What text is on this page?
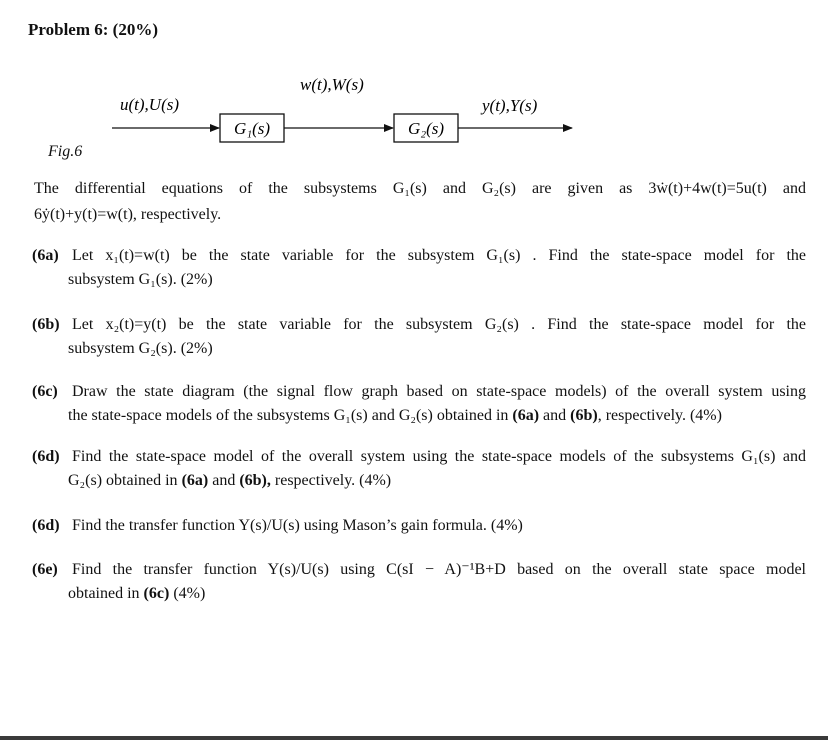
Problem 6: (20%)
u(t),U(s)
w(t),W(s)
y(t),Y(s)
G₁(s)	G₂(s)
Fig.6
The differential equations of the subsystems G₁(s) and G₂(s) are given as 3ẇ(t)+4w(t)=5u(t) and
6ẏ(t)+y(t)=w(t), respectively.
(6a) Let x₁(t)=w(t) be the state variable for the subsystem G₁(s) . Find the state-space model for the
subsystem G₁(s). (2%)
(6b) Let x₂(t)=y(t) be the state variable for the subsystem G₂(s) . Find the state-space model for the
subsystem G₂(s). (2%)
(6c) Draw the state diagram (the signal flow graph based on state-space models) of the overall system using
the state-space models of the subsystems G₁(s) and G₂(s) obtained in (6a) and (6b), respectively. (4%)
(6d) Find the state-space model of the overall system using the state-space models of the subsystems G₁(s) and
G₂(s) obtained in (6a) and (6b), respectively. (4%)
(6d) Find the transfer function Y(s)/U(s) using Mason’s gain formula. (4%)
(6e) Find the transfer function Y(s)/U(s) using C(sI − A)⁻¹B+D based on the overall state space model
obtained in (6c) (4%)
